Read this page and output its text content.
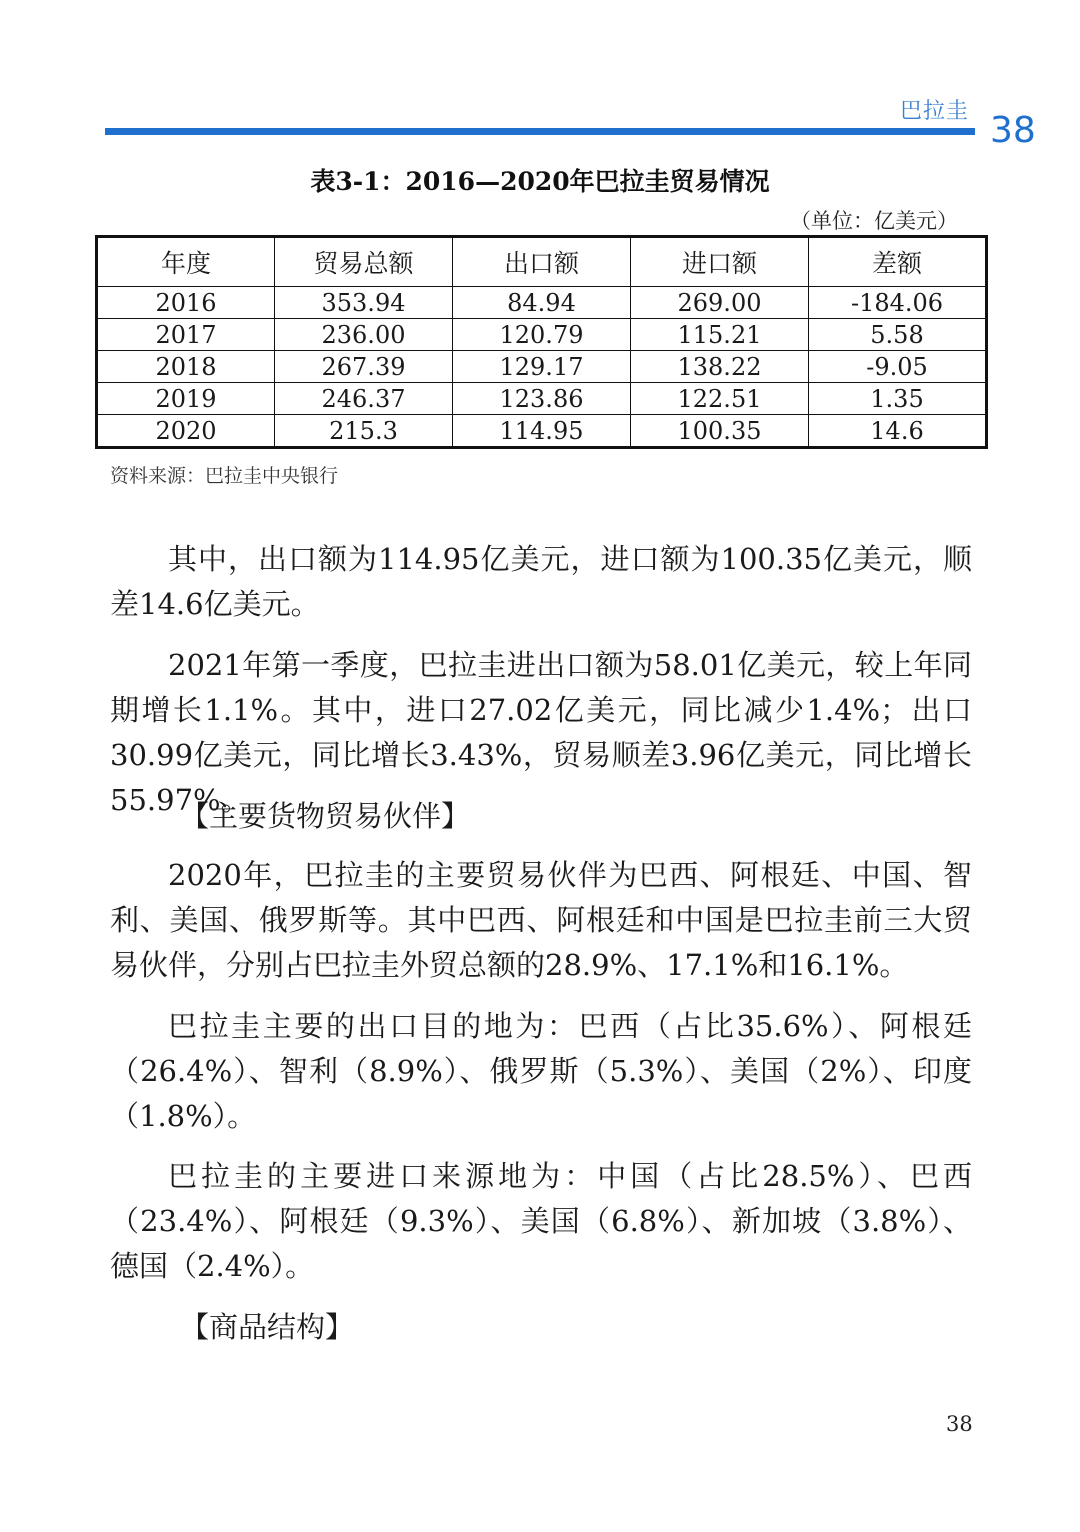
巴拉圭 38
表3-1：2016—2020年巴拉圭贸易情况
（单位：亿美元）
年度	贸易总额	出口额	进口额	差额
2016	353.94	84.94	269.00	-184.06
2017	236.00	120.79	115.21	5.58
2018	267.39	129.17	138.22	-9.05
2019	246.37	123.86	122.51	1.35
2020	215.3	114.95	100.35	14.6
资料来源：巴拉圭中央银行

其中，出口额为114.95亿美元，进口额为100.35亿美元，顺差14.6亿美元。

2021年第一季度，巴拉圭进出口额为58.01亿美元，较上年同期增长1.1%。其中，进口27.02亿美元，同比减少1.4%；出口30.99亿美元，同比增长3.43%，贸易顺差3.96亿美元，同比增长55.97%。

【主要货物贸易伙伴】

2020年，巴拉圭的主要贸易伙伴为巴西、阿根廷、中国、智利、美国、俄罗斯等。其中巴西、阿根廷和中国是巴拉圭前三大贸易伙伴，分别占巴拉圭外贸总额的28.9%、17.1%和16.1%。

巴拉圭主要的出口目的地为：巴西（占比35.6%）、阿根廷（26.4%）、智利（8.9%）、俄罗斯（5.3%）、美国（2%）、印度（1.8%）。

巴拉圭的主要进口来源地为：中国（占比28.5%）、巴西（23.4%）、阿根廷（9.3%）、美国（6.8%）、新加坡（3.8%）、德国（2.4%）。

【商品结构】

38
